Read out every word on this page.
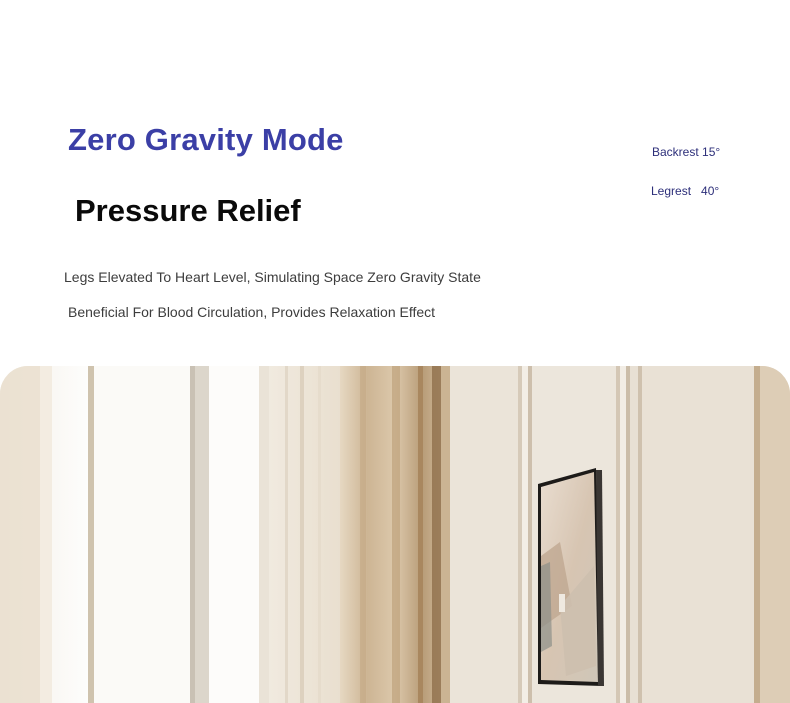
Zero Gravity Mode
Pressure Relief
Legs Elevated To Heart Level, Simulating Space Zero Gravity State
Beneficial For Blood Circulation, Provides Relaxation Effect
Backrest 15°
Legrest   40°
